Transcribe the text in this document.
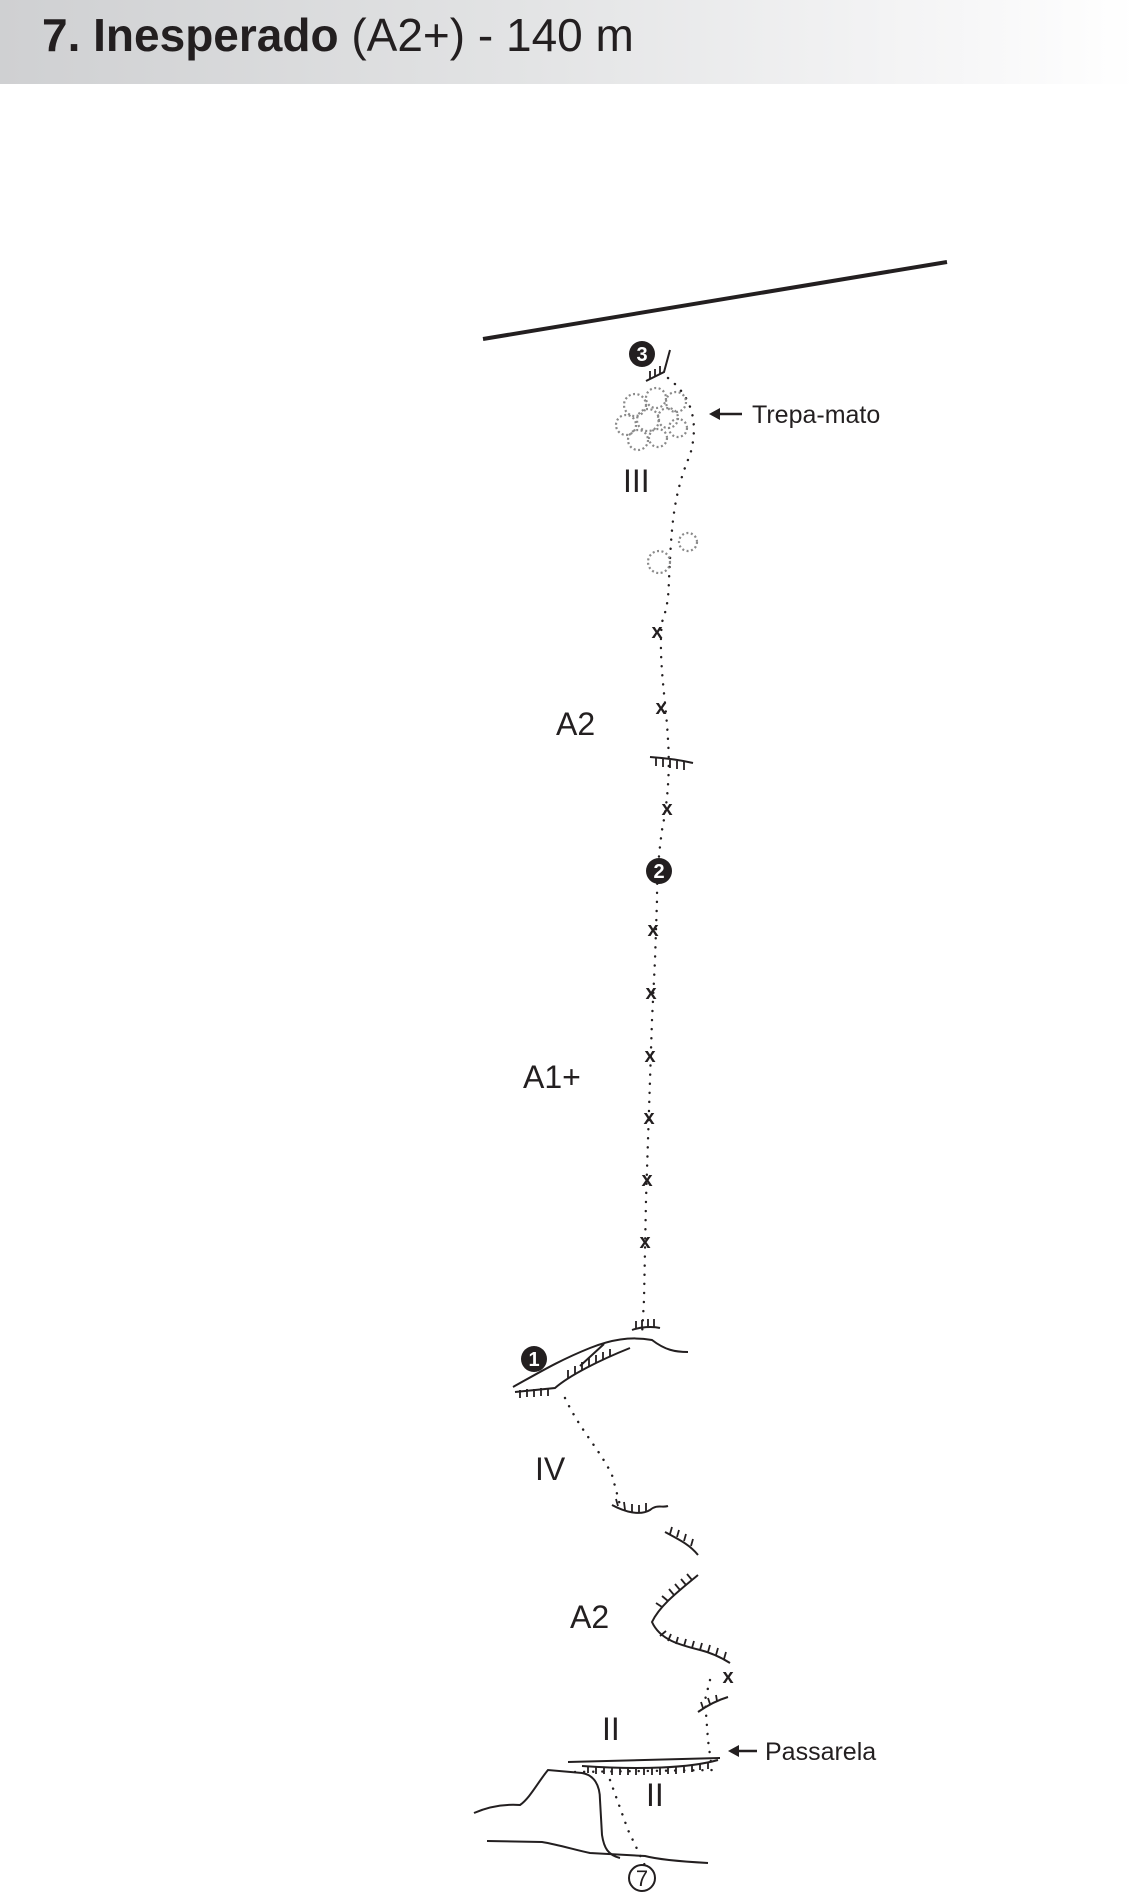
7. Inesperado (A2+) - 140 m
3
Trepa-mato
x
x
x
x
x
x
x
x
x
x
2
1
Passarela
7
III
A2
A1+
IV
A2
II
II
